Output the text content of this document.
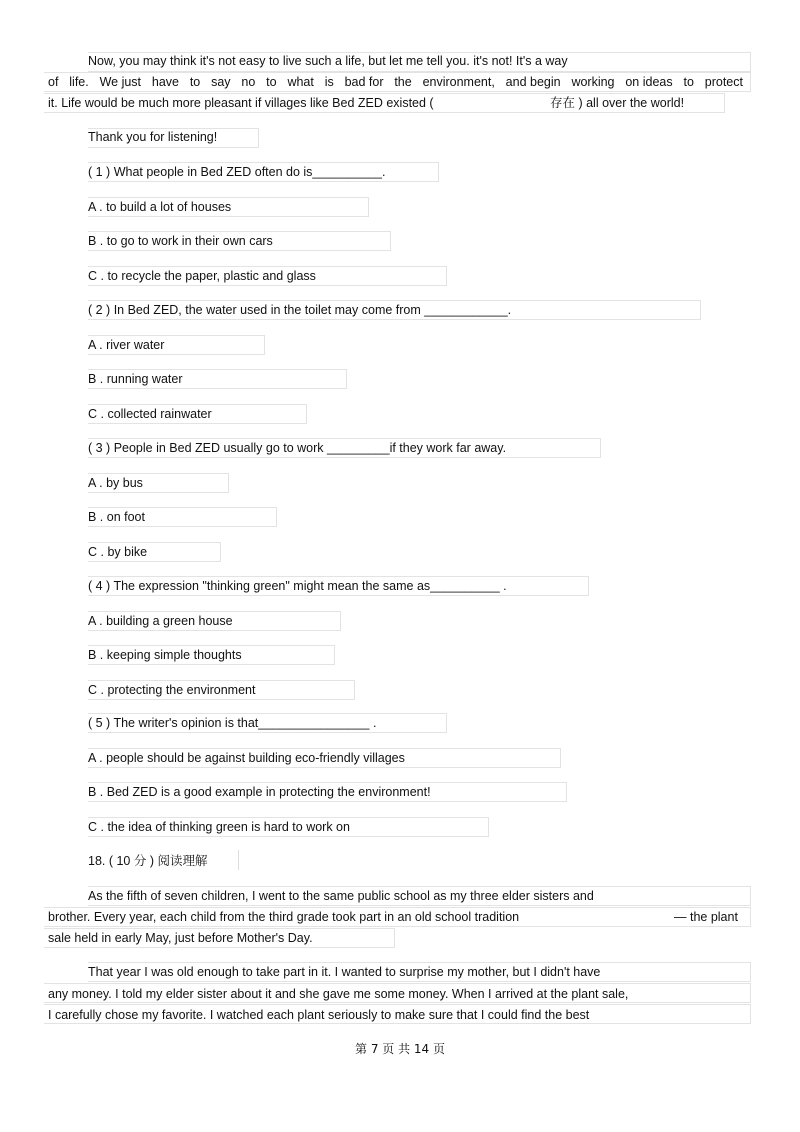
Now, you may think it's not easy to live such a life, but let me tell you. it's not! It's a way
of life. We just have to say no to what is bad for the environment, and begin working on ideas to protect
it. Life would be much more pleasant if villages like Bed ZED existed (	存在 ) all over the world!
Thank you for listening!
( 1 ) What people in Bed ZED often do is__________.
A . to build a lot of houses
B . to go to work in their own cars
C . to recycle the paper, plastic and glass
( 2 ) In Bed ZED, the water used in the toilet may come from ____________.
A . river water
B . running water
C . collected rainwater
( 3 ) People in Bed ZED usually go to work _________if they work far away.
A . by bus
B . on foot
C . by bike
( 4 ) The expression "thinking green" might mean the same as__________ .
A . building a green house
B . keeping simple thoughts
C . protecting the environment
( 5 ) The writer's opinion is that________________ .
A . people should be against building eco-friendly villages
B . Bed ZED is a good example in protecting the environment!
C . the idea of thinking green is hard to work on
18. ( 10 分 ) 阅读理解
As the fifth of seven children, I went to the same public school as my three elder sisters and
brother. Every year, each child from the third grade took part in an old school tradition	— the plant
sale held in early May, just before Mother's Day.
That year I was old enough to take part in it. I wanted to surprise my mother, but I didn't have
any money. I told my elder sister about it and she gave me some money. When I arrived at the plant sale,
I carefully chose my favorite. I watched each plant seriously to make sure that I could find the best
第 7 页 共 14 页
